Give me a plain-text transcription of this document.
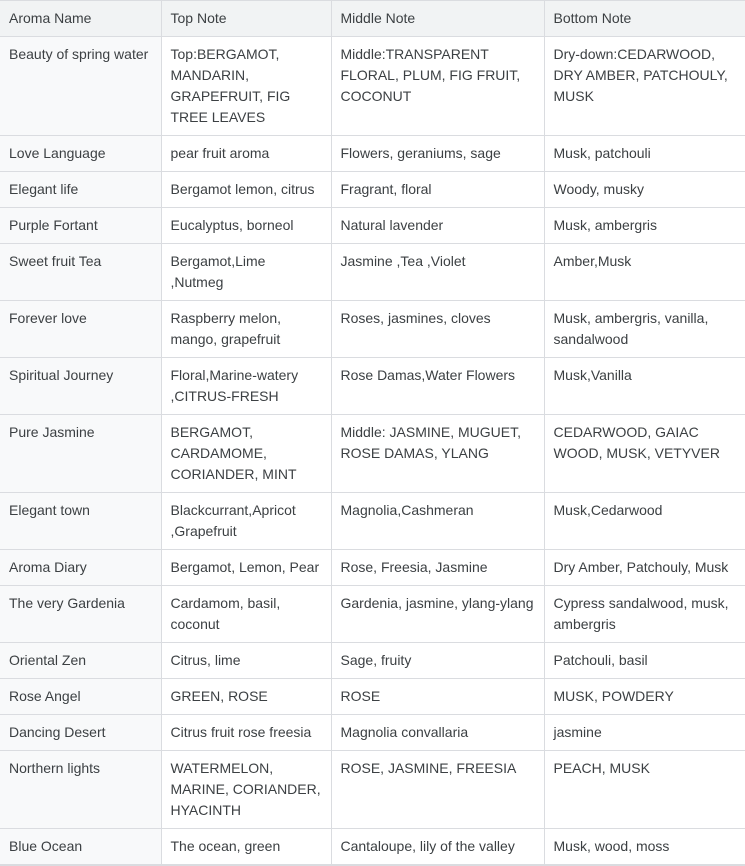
Aroma Name	Top Note	Middle Note	Bottom Note
Beauty of spring water	Top:BERGAMOT, MANDARIN, GRAPEFRUIT, FIG TREE LEAVES	Middle:TRANSPARENT FLORAL, PLUM, FIG FRUIT, COCONUT	Dry-down:CEDARWOOD, DRY AMBER, PATCHOULY, MUSK
Love Language	pear fruit aroma	Flowers, geraniums, sage	Musk, patchouli
Elegant life	Bergamot lemon, citrus	Fragrant, floral	Woody, musky
Purple Fortant	Eucalyptus, borneol	Natural lavender	Musk, ambergris
Sweet fruit Tea	Bergamot,Lime ,Nutmeg	Jasmine ,Tea ,Violet	Amber,Musk
Forever love	Raspberry melon, mango, grapefruit	Roses, jasmines, cloves	Musk, ambergris, vanilla, sandalwood
Spiritual Journey	Floral,Marine-watery ,CITRUS-FRESH	Rose Damas,Water Flowers	Musk,Vanilla
Pure Jasmine	BERGAMOT, CARDAMOME, CORIANDER, MINT	Middle: JASMINE, MUGUET, ROSE DAMAS, YLANG	CEDARWOOD, GAIAC WOOD, MUSK, VETYVER
Elegant town	Blackcurrant,Apricot ,Grapefruit	Magnolia,Cashmeran	Musk,Cedarwood
Aroma Diary	Bergamot, Lemon, Pear	Rose, Freesia, Jasmine	Dry Amber, Patchouly, Musk
The very Gardenia	Cardamom, basil, coconut	Gardenia, jasmine, ylang-ylang	Cypress sandalwood, musk, ambergris
Oriental Zen	Citrus, lime	Sage, fruity	Patchouli, basil
Rose Angel	GREEN, ROSE	ROSE	MUSK, POWDERY
Dancing Desert	Citrus fruit rose freesia	Magnolia convallaria	jasmine
Northern lights	WATERMELON, MARINE, CORIANDER, HYACINTH	ROSE, JASMINE, FREESIA	PEACH, MUSK
Blue Ocean	The ocean, green	Cantaloupe, lily of the valley	Musk, wood, moss
